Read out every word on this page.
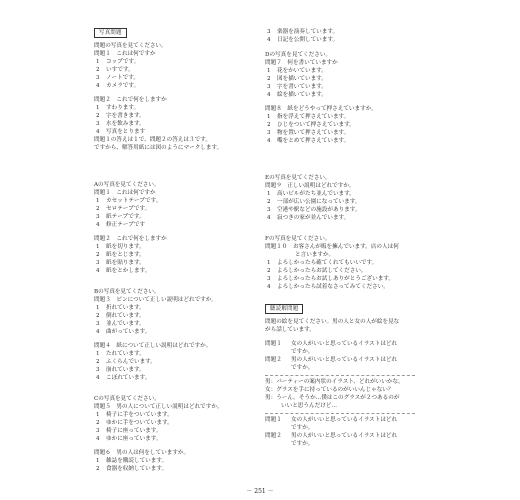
写真問題
問題の写真を見てください。
問題１　これは何ですか
1	コップです。
2	いすです。
3	ノートです。
4	カメラです。
問題２　これで何をしますか
1	すわります。
2	字を書きます。
3	水を飲みます。
4	写真をとります
問題１の答えは１で、問題２の答えは３です。
ですから、解答用紙には図のようにマークします。
Aの写真を見てください。
問題１　これは何ですか
1	カセットテープです。
2	セロテープです。
3	紙テープです。
4	修正テープです
問題２　これで何をしますか
1	紙を切ります。
2	紙をとじます。
3	紙を貼ります。
4	紙をとかします。
Bの写真を見てください。
問題３　ピンについて正しい説明はどれですか。
1	折れています。
2	倒れています。
3	並んでいます。
4	曲がっています。
問題４　紙について正しい説明はどれですか。
1	たれています。
2	ふくらんでいます。
3	崩れています。
4	こぼれています。
Cの写真を見てください。
問題５　男の人について正しい説明はどれですか。
1	椅子に手をついています。
2	ゆかに手をついています。
3	椅子に座っています。
4	ゆかに座っています。
問題６　男の人は何をしていますか。
1	雑誌を購読しています。
2	食器を収納しています。
3	楽器を演奏しています。
4	日記を公開しています。
Dの写真を見てください。
問題７　何を書いていますか
1	花をかいています。
2	図を描いています。
3	字を書いています。
4	絵を描いています。
問題８　紙をどうやって押さえていますか。
1	指を浮えて押さえています。
2	ひじをついて押さえています。
3	物を置いて押さえています。
4	嘴をとめて押さえています。
Eの写真を見てください。
問題９　正しい説明はどれですか。
1	高いビルがたち並んでいます。
2	一部が広い公園になっています。
3	空港や駅などの施設があります。
4	寂つきの家が並んでいます。
Fの写真を見てください。
問題１０　お客さんが販を擁んでいます。店の人は何
と言いますか。
1	よろしかったら確てくれてもいいです。
2	よろしかったらお試してください。
3	よろしかったらお試しありがとうございます。
4	よろしかったら試着なさってみてください。
聴読解問題
問題の絵を見てください。男の人と女の人が絵を見な
がら話しています。
問題１	女の人がいいと思っているイラストはどれ
ですか。
問題２	男の人がいいと思っているイラストはどれ
ですか。
男：パーティーの案内状のイラスト、どれがいいかな。
女：グラスを手に持っているのがいいんじゃない？
男：うーん。そうか…僕はこのグラスが２つあるのが
いいと思うんだけど…
問題１	女の人がいいと思っているイラストはどれ
ですか。
問題２	男の人がいいと思っているイラストはどれ
ですか。
－ 251 －
